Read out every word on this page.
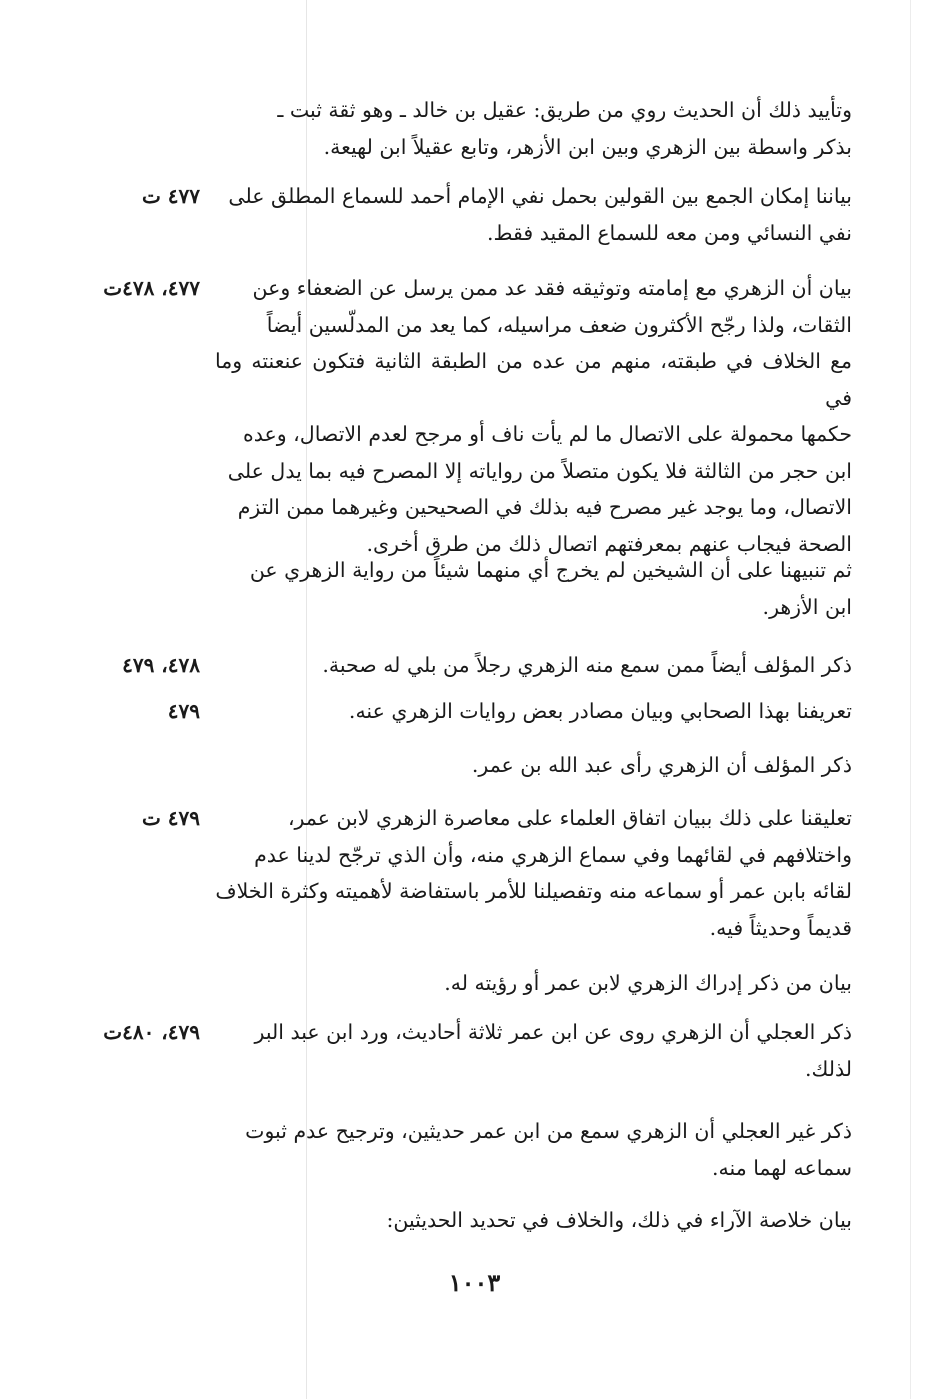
وتأييد ذلك أن الحديث روي من طريق: عقيل بن خالد ـ وهو ثقة ثبت ـ
بذكر واسطة بين الزهري وبين ابن الأزهر، وتابع عقيلاً ابن لهيعة.
٤٧٧ ت	بياننا إمكان الجمع بين القولين بحمل نفي الإمام أحمد للسماع المطلق على
نفي النسائي ومن معه للسماع المقيد فقط.
٤٧٧، ٤٧٨ت	بيان أن الزهري مع إمامته وتوثيقه فقد عد ممن يرسل عن الضعفاء وعن
الثقات، ولذا رجّح الأكثرون ضعف مراسيله، كما يعد من المدلّسين أيضاً
مع الخلاف في طبقته، منهم من عده من الطبقة الثانية فتكون عنعنته وما في
حكمها محمولة على الاتصال ما لم يأت ناف أو مرجح لعدم الاتصال، وعده
ابن حجر من الثالثة فلا يكون متصلاً من رواياته إلا المصرح فيه بما يدل على
الاتصال، وما يوجد غير مصرح فيه بذلك في الصحيحين وغيرهما ممن التزم
الصحة فيجاب عنهم بمعرفتهم اتصال ذلك من طرق أخرى.
ثم تنبيهنا على أن الشيخين لم يخرج أي منهما شيئاً من رواية الزهري عن
ابن الأزهر.
٤٧٨، ٤٧٩	ذكر المؤلف أيضاً ممن سمع منه الزهري رجلاً من بلي له صحبة.
٤٧٩	تعريفنا بهذا الصحابي وبيان مصادر بعض روايات الزهري عنه.
ذكر المؤلف أن الزهري رأى عبد الله بن عمر.
٤٧٩ ت	تعليقنا على ذلك ببيان اتفاق العلماء على معاصرة الزهري لابن عمر،
واختلافهم في لقائهما وفي سماع الزهري منه، وأن الذي ترجّح لدينا عدم
لقائه بابن عمر أو سماعه منه وتفصيلنا للأمر باستفاضة لأهميته وكثرة الخلاف
قديماً وحديثاً فيه.
بيان من ذكر إدراك الزهري لابن عمر أو رؤيته له.
٤٧٩، ٤٨٠ت	ذكر العجلي أن الزهري روى عن ابن عمر ثلاثة أحاديث، ورد ابن عبد البر
لذلك.
ذكر غير العجلي أن الزهري سمع من ابن عمر حديثين، وترجيح عدم ثبوت
سماعه لهما منه.
بيان خلاصة الآراء في ذلك، والخلاف في تحديد الحديثين:
١٠٠٣
